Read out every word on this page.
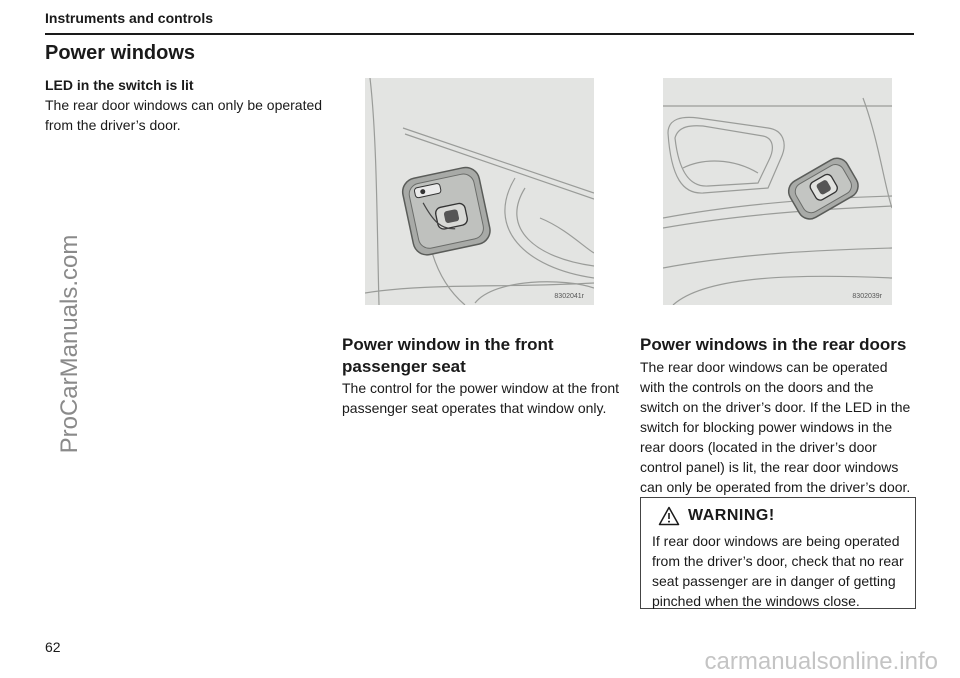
Instruments and controls
Power windows
LED in the switch is lit
The rear door windows can only be operated from the driver’s door.
8302041r	8302039r
Power window in the front passenger seat
The control for the power window at the front passenger seat operates that window only.
Power windows in the rear doors
The rear door windows can be operated with the controls on the doors and the switch on the driver’s door. If the LED in the switch for blocking power windows in the rear doors (located in the driver’s door control panel) is lit, the rear door windows can only be operated from the driver’s door.
WARNING!
If rear door windows are being operated from the driver’s door, check that no rear seat passenger are in danger of getting pinched when the windows close.
62
ProCarManuals.com
carmanualsonline.info
